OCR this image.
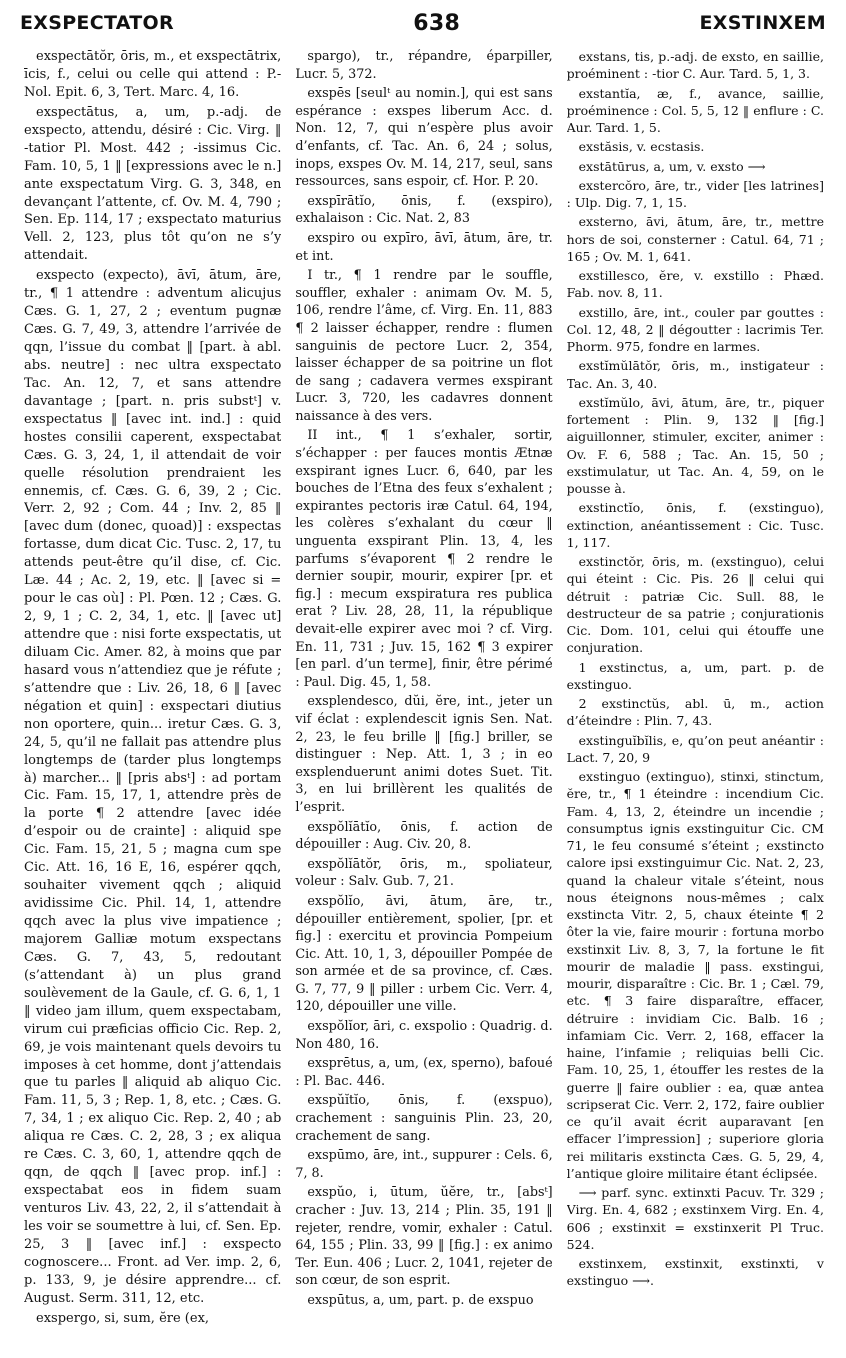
EXSPECTATOR	638	EXSTINXEM

exspectātŏr, ōris, m., et exspectātrix, īcis, f., celui ou celle qui attend : P.-Nol. Epit. 6, 3, Tert. Marc. 4, 16.

exspectātus, a, um, p.-adj. de exspecto, attendu, désiré : Cic. Virg. ‖ -tatior Pl. Most. 442 ; -issimus Cic. Fam. 10, 5, 1 ‖ [expressions avec le n.] ante exspectatum Virg. G. 3, 348, en devançant l’attente, cf. Ov. M. 4, 790 ; Sen. Ep. 114, 17 ; exspectato maturius Vell. 2, 123, plus tôt qu’on ne s’y attendait.

exspecto (expecto), āvī, ātum, āre, tr., ¶ 1 attendre : adventum alicujus Cæs. G. 1, 27, 2 ; eventum pugnæ Cæs. G. 7, 49, 3, attendre l’arrivée de qqn, l’issue du combat ‖ [part. à abl. abs. neutre] : nec ultra exspectato Tac. An. 12, 7, et sans attendre davantage ; [part. n. pris substᵗ] v. exspectatus ‖ [avec int. ind.] : quid hostes consilii caperent, exspectabat Cæs. G. 3, 24, 1, il attendait de voir quelle résolution prendraient les ennemis, cf. Cæs. G. 6, 39, 2 ; Cic. Verr. 2, 92 ; Com. 44 ; Inv. 2, 85 ‖ [avec dum (donec, quoad)] : exspectas fortasse, dum dicat Cic. Tusc. 2, 17, tu attends peut-être qu’il dise, cf. Cic. Læ. 44 ; Ac. 2, 19, etc. ‖ [avec si = pour le cas où] : Pl. Pœn. 12 ; Cæs. G. 2, 9, 1 ; C. 2, 34, 1, etc. ‖ [avec ut] attendre que : nisi forte exspectatis, ut diluam Cic. Amer. 82, à moins que par hasard vous n’attendiez que je réfute ; s’attendre que : Liv. 26, 18, 6 ‖ [avec négation et quin] : exspectari diutius non oportere, quin... iretur Cæs. G. 3, 24, 5, qu’il ne fallait pas attendre plus longtemps de (tarder plus longtemps à) marcher... ‖ [pris absᵗ] : ad portam Cic. Fam. 15, 17, 1, attendre près de la porte ¶ 2 attendre [avec idée d’espoir ou de crainte] : aliquid spe Cic. Fam. 15, 21, 5 ; magna cum spe Cic. Att. 16, 16 E, 16, espérer qqch, souhaiter vivement qqch ; aliquid avidissime Cic. Phil. 14, 1, attendre qqch avec la plus vive impatience ; majorem Galliæ motum exspectans Cæs. G. 7, 43, 5, redoutant (s’attendant à) un plus grand soulèvement de la Gaule, cf. G. 6, 1, 1 ‖ video jam illum, quem exspectabam, virum cui præficias officio Cic. Rep. 2, 69, je vois maintenant quels devoirs tu imposes à cet homme, dont j’attendais que tu parles ‖ aliquid ab aliquo Cic. Fam. 11, 5, 3 ; Rep. 1, 8, etc. ; Cæs. G. 7, 34, 1 ; ex aliquo Cic. Rep. 2, 40 ; ab aliqua re Cæs. C. 2, 28, 3 ; ex aliqua re Cæs. C. 3, 60, 1, attendre qqch de qqn, de qqch ‖ [avec prop. inf.] : exspectabat eos in fidem suam venturos Liv. 43, 22, 2, il s’attendait à les voir se soumettre à lui, cf. Sen. Ep. 25, 3 ‖ [avec inf.] : exspecto cognoscere... Front. ad Ver. imp. 2, 6, p. 133, 9, je désire apprendre... cf. August. Serm. 311, 12, etc.

exspergo, si, sum, ĕre (ex,

spargo), tr., répandre, éparpiller, Lucr. 5, 372.

exspēs [seulᵗ au nomin.], qui est sans espérance : exspes liberum Acc. d. Non. 12, 7, qui n’espère plus avoir d’enfants, cf. Tac. An. 6, 24 ; solus, inops, exspes Ov. M. 14, 217, seul, sans ressources, sans espoir, cf. Hor. P. 20.

exspīrātĭo, ōnis, f. (exspiro), exhalaison : Cic. Nat. 2, 83

exspiro ou expīro, āvī, ātum, āre, tr. et int.

I tr., ¶ 1 rendre par le souffle, souffler, exhaler : animam Ov. M. 5, 106, rendre l’âme, cf. Virg. En. 11, 883 ¶ 2 laisser échapper, rendre : flumen sanguinis de pectore Lucr. 2, 354, laisser échapper de sa poitrine un flot de sang ; cadavera vermes exspirant Lucr. 3, 720, les cadavres donnent naissance à des vers.

II int., ¶ 1 s’exhaler, sortir, s’échapper : per fauces montis Ætnæ exspirant ignes Lucr. 6, 640, par les bouches de l’Etna des feux s’exhalent ; expirantes pectoris iræ Catul. 64, 194, les colères s’exhalant du cœur ‖ unguenta exspirant Plin. 13, 4, les parfums s’évaporent ¶ 2 rendre le dernier soupir, mourir, expirer [pr. et fig.] : mecum exspiratura res publica erat ? Liv. 28, 28, 11, la république devait-elle expirer avec moi ? cf. Virg. En. 11, 731 ; Juv. 15, 162 ¶ 3 expirer [en parl. d’un terme], finir, être périmé : Paul. Dig. 45, 1, 58.

exsplendesco, dŭi, ĕre, int., jeter un vif éclat : explendescit ignis Sen. Nat. 2, 23, le feu brille ‖ [fig.] briller, se distinguer : Nep. Att. 1, 3 ; in eo exsplenduerunt animi dotes Suet. Tit. 3, en lui brillèrent les qualités de l’esprit.

exspŏlĭātĭo, ōnis, f. action de dépouiller : Aug. Civ. 20, 8.

exspŏlĭātŏr, ōris, m., spoliateur, voleur : Salv. Gub. 7, 21.

exspŏlĭo, āvi, ātum, āre, tr., dépouiller entièrement, spolier, [pr. et fig.] : exercitu et provincia Pompeium Cic. Att. 10, 1, 3, dépouiller Pompée de son armée et de sa province, cf. Cæs. G. 7, 77, 9 ‖ piller : urbem Cic. Verr. 4, 120, dépouiller une ville.

exspŏlĭor, āri, c. exspolio : Quadrig. d. Non 480, 16.

exsprētus, a, um, (ex, sperno), bafoué : Pl. Bac. 446.

exspŭĭtĭo, ōnis, f. (exspuo), crachement : sanguinis Plin. 23, 20, crachement de sang.

exspūmo, āre, int., suppurer : Cels. 6, 7, 8.

exspŭo, i, ūtum, ŭĕre, tr., [absᵗ] cracher : Juv. 13, 214 ; Plin. 35, 191 ‖ rejeter, rendre, vomir, exhaler : Catul. 64, 155 ; Plin. 33, 99 ‖ [fig.] : ex animo Ter. Eun. 406 ; Lucr. 2, 1041, rejeter de son cœur, de son esprit.

exspūtus, a, um, part. p. de exspuo

exstans, tis, p.-adj. de exsto, en saillie, proéminent : -tior C. Aur. Tard. 5, 1, 3.

exstantĭa, æ, f., avance, saillie, proéminence : Col. 5, 5, 12 ‖ enflure : C. Aur. Tard. 1, 5.

exstăsis, v. ecstasis.

exstātūrus, a, um, v. exsto ⟶

exstercŏro, āre, tr., vider [les latrines] : Ulp. Dig. 7, 1, 15.

exsterno, āvi, ātum, āre, tr., mettre hors de soi, consterner : Catul. 64, 71 ; 165 ; Ov. M. 1, 641.

exstillesco, ĕre, v. exstillo : Phæd. Fab. nov. 8, 11.

exstillo, āre, int., couler par gouttes : Col. 12, 48, 2 ‖ dégoutter : lacrimis Ter. Phorm. 975, fondre en larmes.

exstĭmŭlātŏr, ōris, m., instigateur : Tac. An. 3, 40.

exstĭmŭlo, āvi, ātum, āre, tr., piquer fortement : Plin. 9, 132 ‖ [fig.] aiguillonner, stimuler, exciter, animer : Ov. F. 6, 588 ; Tac. An. 15, 50 ; exstimulatur, ut Tac. An. 4, 59, on le pousse à.

exstinctĭo, ōnis, f. (exstinguo), extinction, anéantissement : Cic. Tusc. 1, 117.

exstinctŏr, ōris, m. (exstinguo), celui qui éteint : Cic. Pis. 26 ‖ celui qui détruit : patriæ Cic. Sull. 88, le destructeur de sa patrie ; conjurationis Cic. Dom. 101, celui qui étouffe une conjuration.

1 exstinctus, a, um, part. p. de exstinguo.

2 exstinctŭs, abl. ū, m., action d’éteindre : Plin. 7, 43.

exstinguĭbĭlis, e, qu’on peut anéantir : Lact. 7, 20, 9

exstinguo (extinguo), stinxi, stinctum, ĕre, tr., ¶ 1 éteindre : incendium Cic. Fam. 4, 13, 2, éteindre un incendie ; consumptus ignis exstinguitur Cic. CM 71, le feu consumé s’éteint ; exstincto calore ipsi exstinguimur Cic. Nat. 2, 23, quand la chaleur vitale s’éteint, nous nous éteignons nous-mêmes ; calx exstincta Vitr. 2, 5, chaux éteinte ¶ 2 ôter la vie, faire mourir : fortuna morbo exstinxit Liv. 8, 3, 7, la fortune le fit mourir de maladie ‖ pass. exstingui, mourir, disparaître : Cic. Br. 1 ; Cæl. 79, etc. ¶ 3 faire disparaître, effacer, détruire : invidiam Cic. Balb. 16 ; infamiam Cic. Verr. 2, 168, effacer la haine, l’infamie ; reliquias belli Cic. Fam. 10, 25, 1, étouffer les restes de la guerre ‖ faire oublier : ea, quæ antea scripserat Cic. Verr. 2, 172, faire oublier ce qu’il avait écrit auparavant [en effacer l’impression] ; superiore gloria rei militaris exstincta Cæs. G. 5, 29, 4, l’antique gloire militaire étant éclipsée.

⟶ parf. sync. extinxti Pacuv. Tr. 329 ; Virg. En. 4, 682 ; exstinxem Virg. En. 4, 606 ; exstinxit = exstinxerit Pl Truc. 524.

exstinxem, exstinxit, exstinxti, v exstinguo ⟶.
